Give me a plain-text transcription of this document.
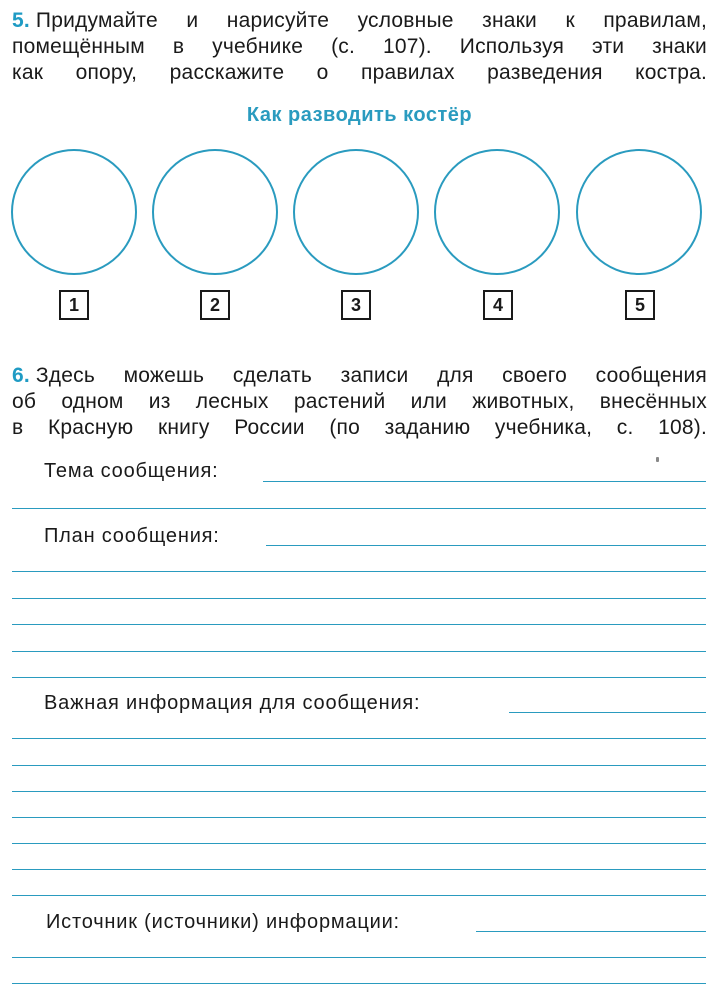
5. Придумайте и нарисуйте условные знаки к правилам,
помещённым в учебнике (с. 107). Используя эти знаки
как опору, расскажите о правилах разведения костра.
Как разводить костёр
1	2	3	4	5
6. Здесь можешь сделать записи для своего сообщения
об одном из лесных растений или животных, внесённых
в Красную книгу России (по заданию учебника, с. 108).
Тема сообщения:
План сообщения:
Важная информация для сообщения:
Источник (источники) информации:
